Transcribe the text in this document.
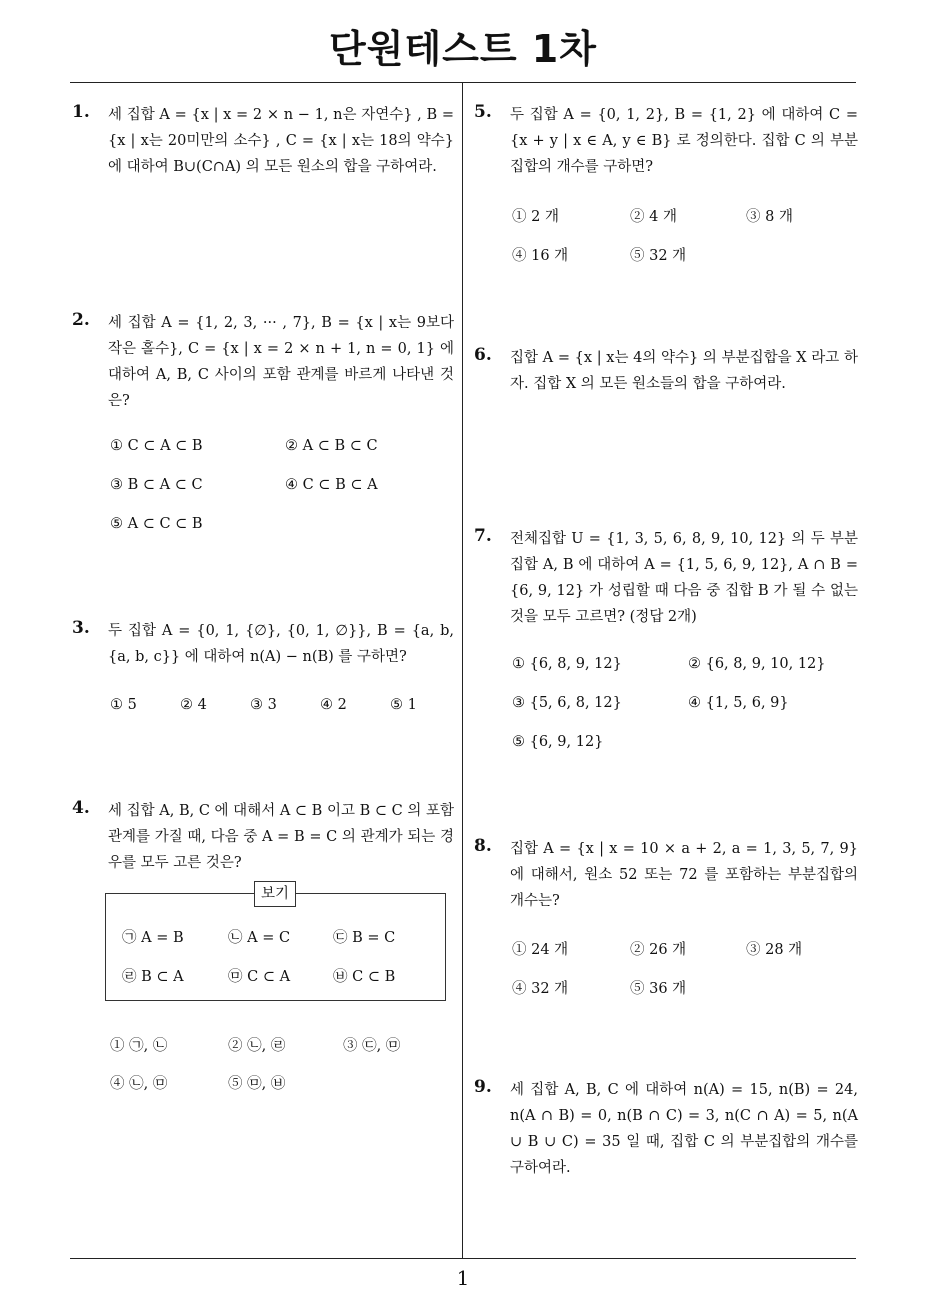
단원테스트 1차
1
1. 세 집합 A = {x | x = 2 × n − 1, n은 자연수} , B = {x | x는 20미만의 소수} , C = {x | x는 18의 약수} 에 대하여 B∪(C∩A) 의 모든 원소의 합을 구하여라.
2. 세 집합 A = {1, 2, 3, ··· , 7}, B = {x | x는 9보다 작은 홀수}, C = {x | x = 2 × n + 1, n = 0, 1} 에 대하여 A, B, C 사이의 포함 관계를 바르게 나타낸 것은?
① C ⊂ A ⊂ B	② A ⊂ B ⊂ C
③ B ⊂ A ⊂ C	④ C ⊂ B ⊂ A
⑤ A ⊂ C ⊂ B
3. 두 집합 A = {0, 1, {∅}, {0, 1, ∅}}, B = {a, b, {a, b, c}} 에 대하여 n(A) − n(B) 를 구하면?
① 5	② 4	③ 3	④ 2	⑤ 1
4. 세 집합 A, B, C 에 대해서 A ⊂ B 이고 B ⊂ C 의 포함 관계를 가질 때, 다음 중 A = B = C 의 관계가 되는 경우를 모두 고른 것은?
보기
㉠ A = B	㉡ A = C	㉢ B = C
㉣ B ⊂ A	㉤ C ⊂ A	㉥ C ⊂ B
① ㉠, ㉡	② ㉡, ㉣	③ ㉢, ㉤
④ ㉡, ㉤	⑤ ㉤, ㉥
5. 두 집합 A = {0, 1, 2}, B = {1, 2} 에 대하여 C = {x + y | x ∈ A, y ∈ B} 로 정의한다. 집합 C 의 부분집합의 개수를 구하면?
① 2 개	② 4 개	③ 8 개
④ 16 개	⑤ 32 개
6. 집합 A = {x | x는 4의 약수} 의 부분집합을 X 라고 하자. 집합 X 의 모든 원소들의 합을 구하여라.
7. 전체집합 U = {1, 3, 5, 6, 8, 9, 10, 12} 의 두 부분집합 A, B 에 대하여 A = {1, 5, 6, 9, 12}, A ∩ B = {6, 9, 12} 가 성립할 때 다음 중 집합 B 가 될 수 없는 것을 모두 고르면? (정답 2개)
① {6, 8, 9, 12}	② {6, 8, 9, 10, 12}
③ {5, 6, 8, 12}	④ {1, 5, 6, 9}
⑤ {6, 9, 12}
8. 집합 A = {x | x = 10 × a + 2, a = 1, 3, 5, 7, 9} 에 대해서, 원소 52 또는 72 를 포함하는 부분집합의 개수는?
① 24 개	② 26 개	③ 28 개
④ 32 개	⑤ 36 개
9. 세 집합 A, B, C 에 대하여 n(A) = 15, n(B) = 24, n(A ∩ B) = 0, n(B ∩ C) = 3, n(C ∩ A) = 5, n(A ∪ B ∪ C) = 35 일 때, 집합 C 의 부분집합의 개수를 구하여라.
